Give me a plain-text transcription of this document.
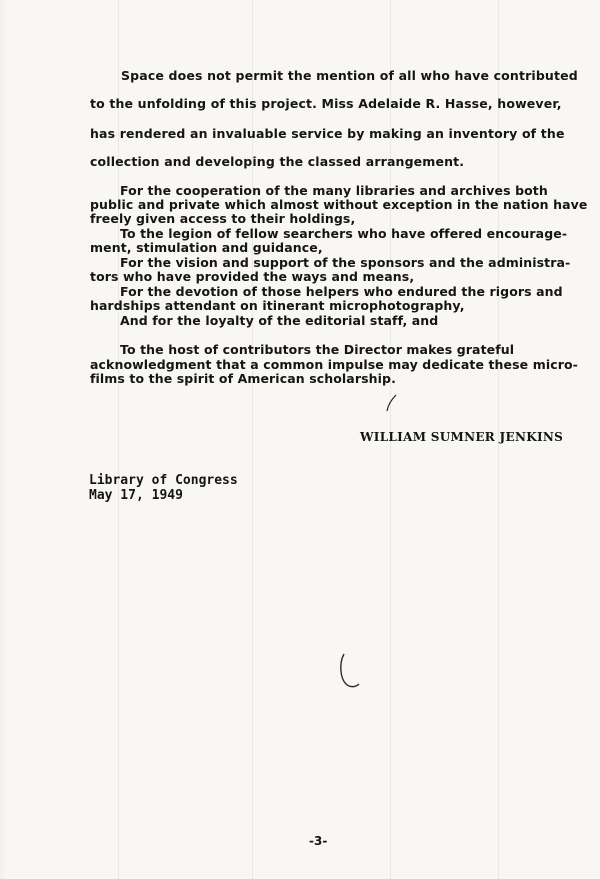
Space does not permit the mention of all who have contributed
to the unfolding of this project. Miss Adelaide R. Hasse, however,
has rendered an invaluable service by making an inventory of the
collection and developing the classed arrangement.
For the cooperation of the many libraries and archives both
public and private which almost without exception in the nation have
freely given access to their holdings,
To the legion of fellow searchers who have offered encourage-
ment, stimulation and guidance,
For the vision and support of the sponsors and the administra-
tors who have provided the ways and means,
For the devotion of those helpers who endured the rigors and
hardships attendant on itinerant microphotography,
And for the loyalty of the editorial staff, and
To the host of contributors the Director makes grateful
acknowledgment that a common impulse may dedicate these micro-
films to the spirit of American scholarship.
WILLIAM SUMNER JENKINS
Library of Congress
May 17, 1949
-3-
